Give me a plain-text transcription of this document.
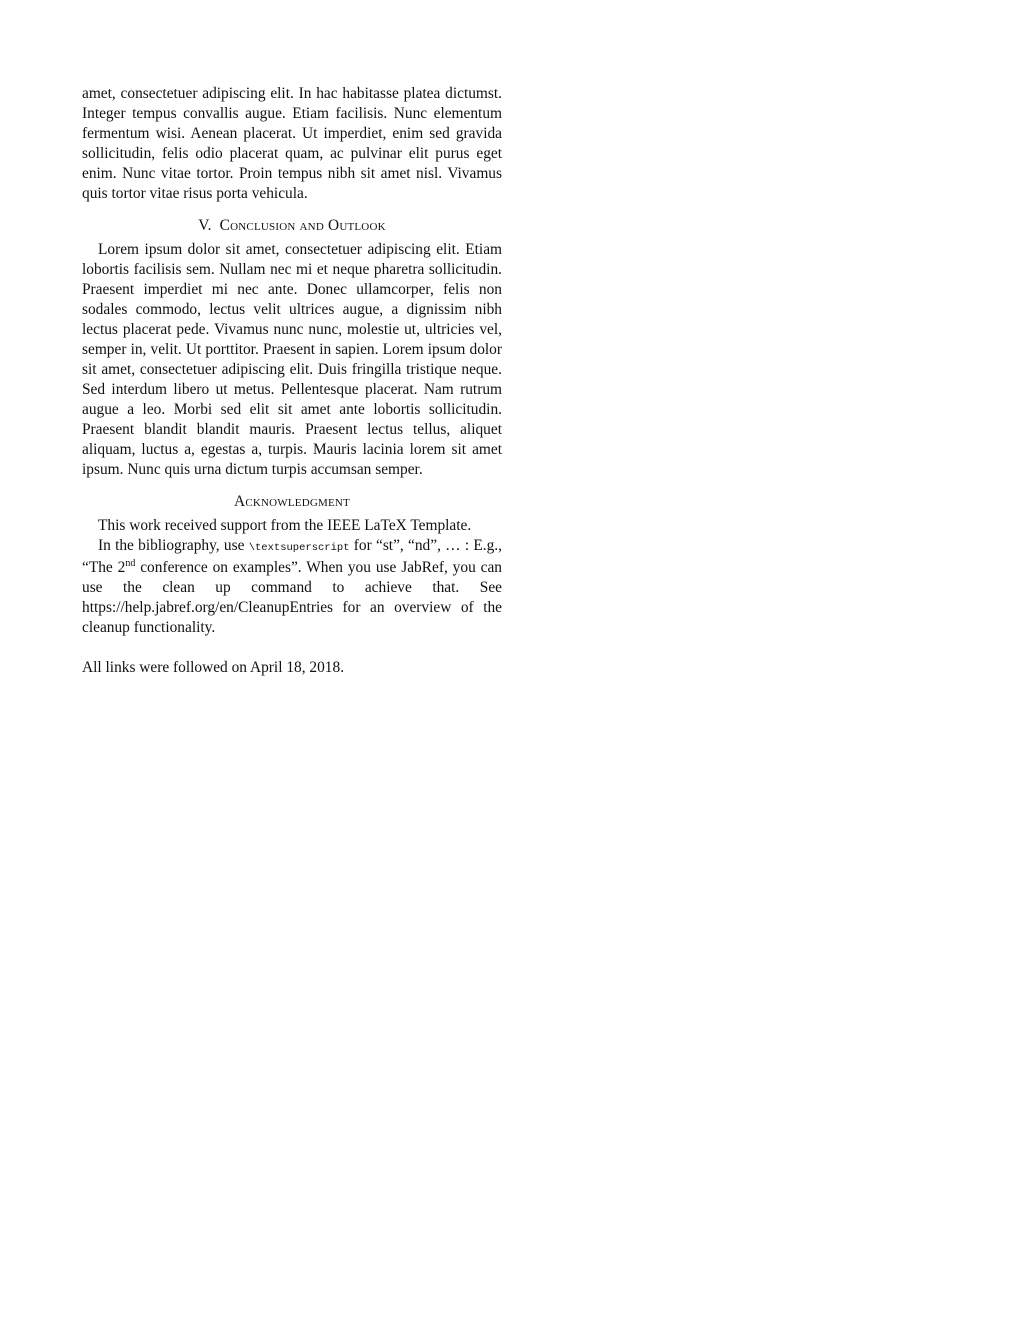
amet, consectetuer adipiscing elit. In hac habitasse platea dictumst. Integer tempus convallis augue. Etiam facilisis. Nunc elementum fermentum wisi. Aenean placerat. Ut imperdiet, enim sed gravida sollicitudin, felis odio placerat quam, ac pulvinar elit purus eget enim. Nunc vitae tortor. Proin tempus nibh sit amet nisl. Vivamus quis tortor vitae risus porta vehicula.

V. Conclusion and Outlook

Lorem ipsum dolor sit amet, consectetuer adipiscing elit. Etiam lobortis facilisis sem. Nullam nec mi et neque pharetra sollicitudin. Praesent imperdiet mi nec ante. Donec ullamcorper, felis non sodales commodo, lectus velit ultrices augue, a dignissim nibh lectus placerat pede. Vivamus nunc nunc, molestie ut, ultricies vel, semper in, velit. Ut porttitor. Praesent in sapien. Lorem ipsum dolor sit amet, consectetuer adipiscing elit. Duis fringilla tristique neque. Sed interdum libero ut metus. Pellentesque placerat. Nam rutrum augue a leo. Morbi sed elit sit amet ante lobortis sollicitudin. Praesent blandit blandit mauris. Praesent lectus tellus, aliquet aliquam, luctus a, egestas a, turpis. Mauris lacinia lorem sit amet ipsum. Nunc quis urna dictum turpis accumsan semper.

Acknowledgment

This work received support from the IEEE LaTeX Template.

In the bibliography, use \textsuperscript for “st”, “nd”, … : E.g., “The 2nd conference on examples”. When you use JabRef, you can use the clean up command to achieve that. See https://help.jabref.org/en/CleanupEntries for an overview of the cleanup functionality.

All links were followed on April 18, 2018.
